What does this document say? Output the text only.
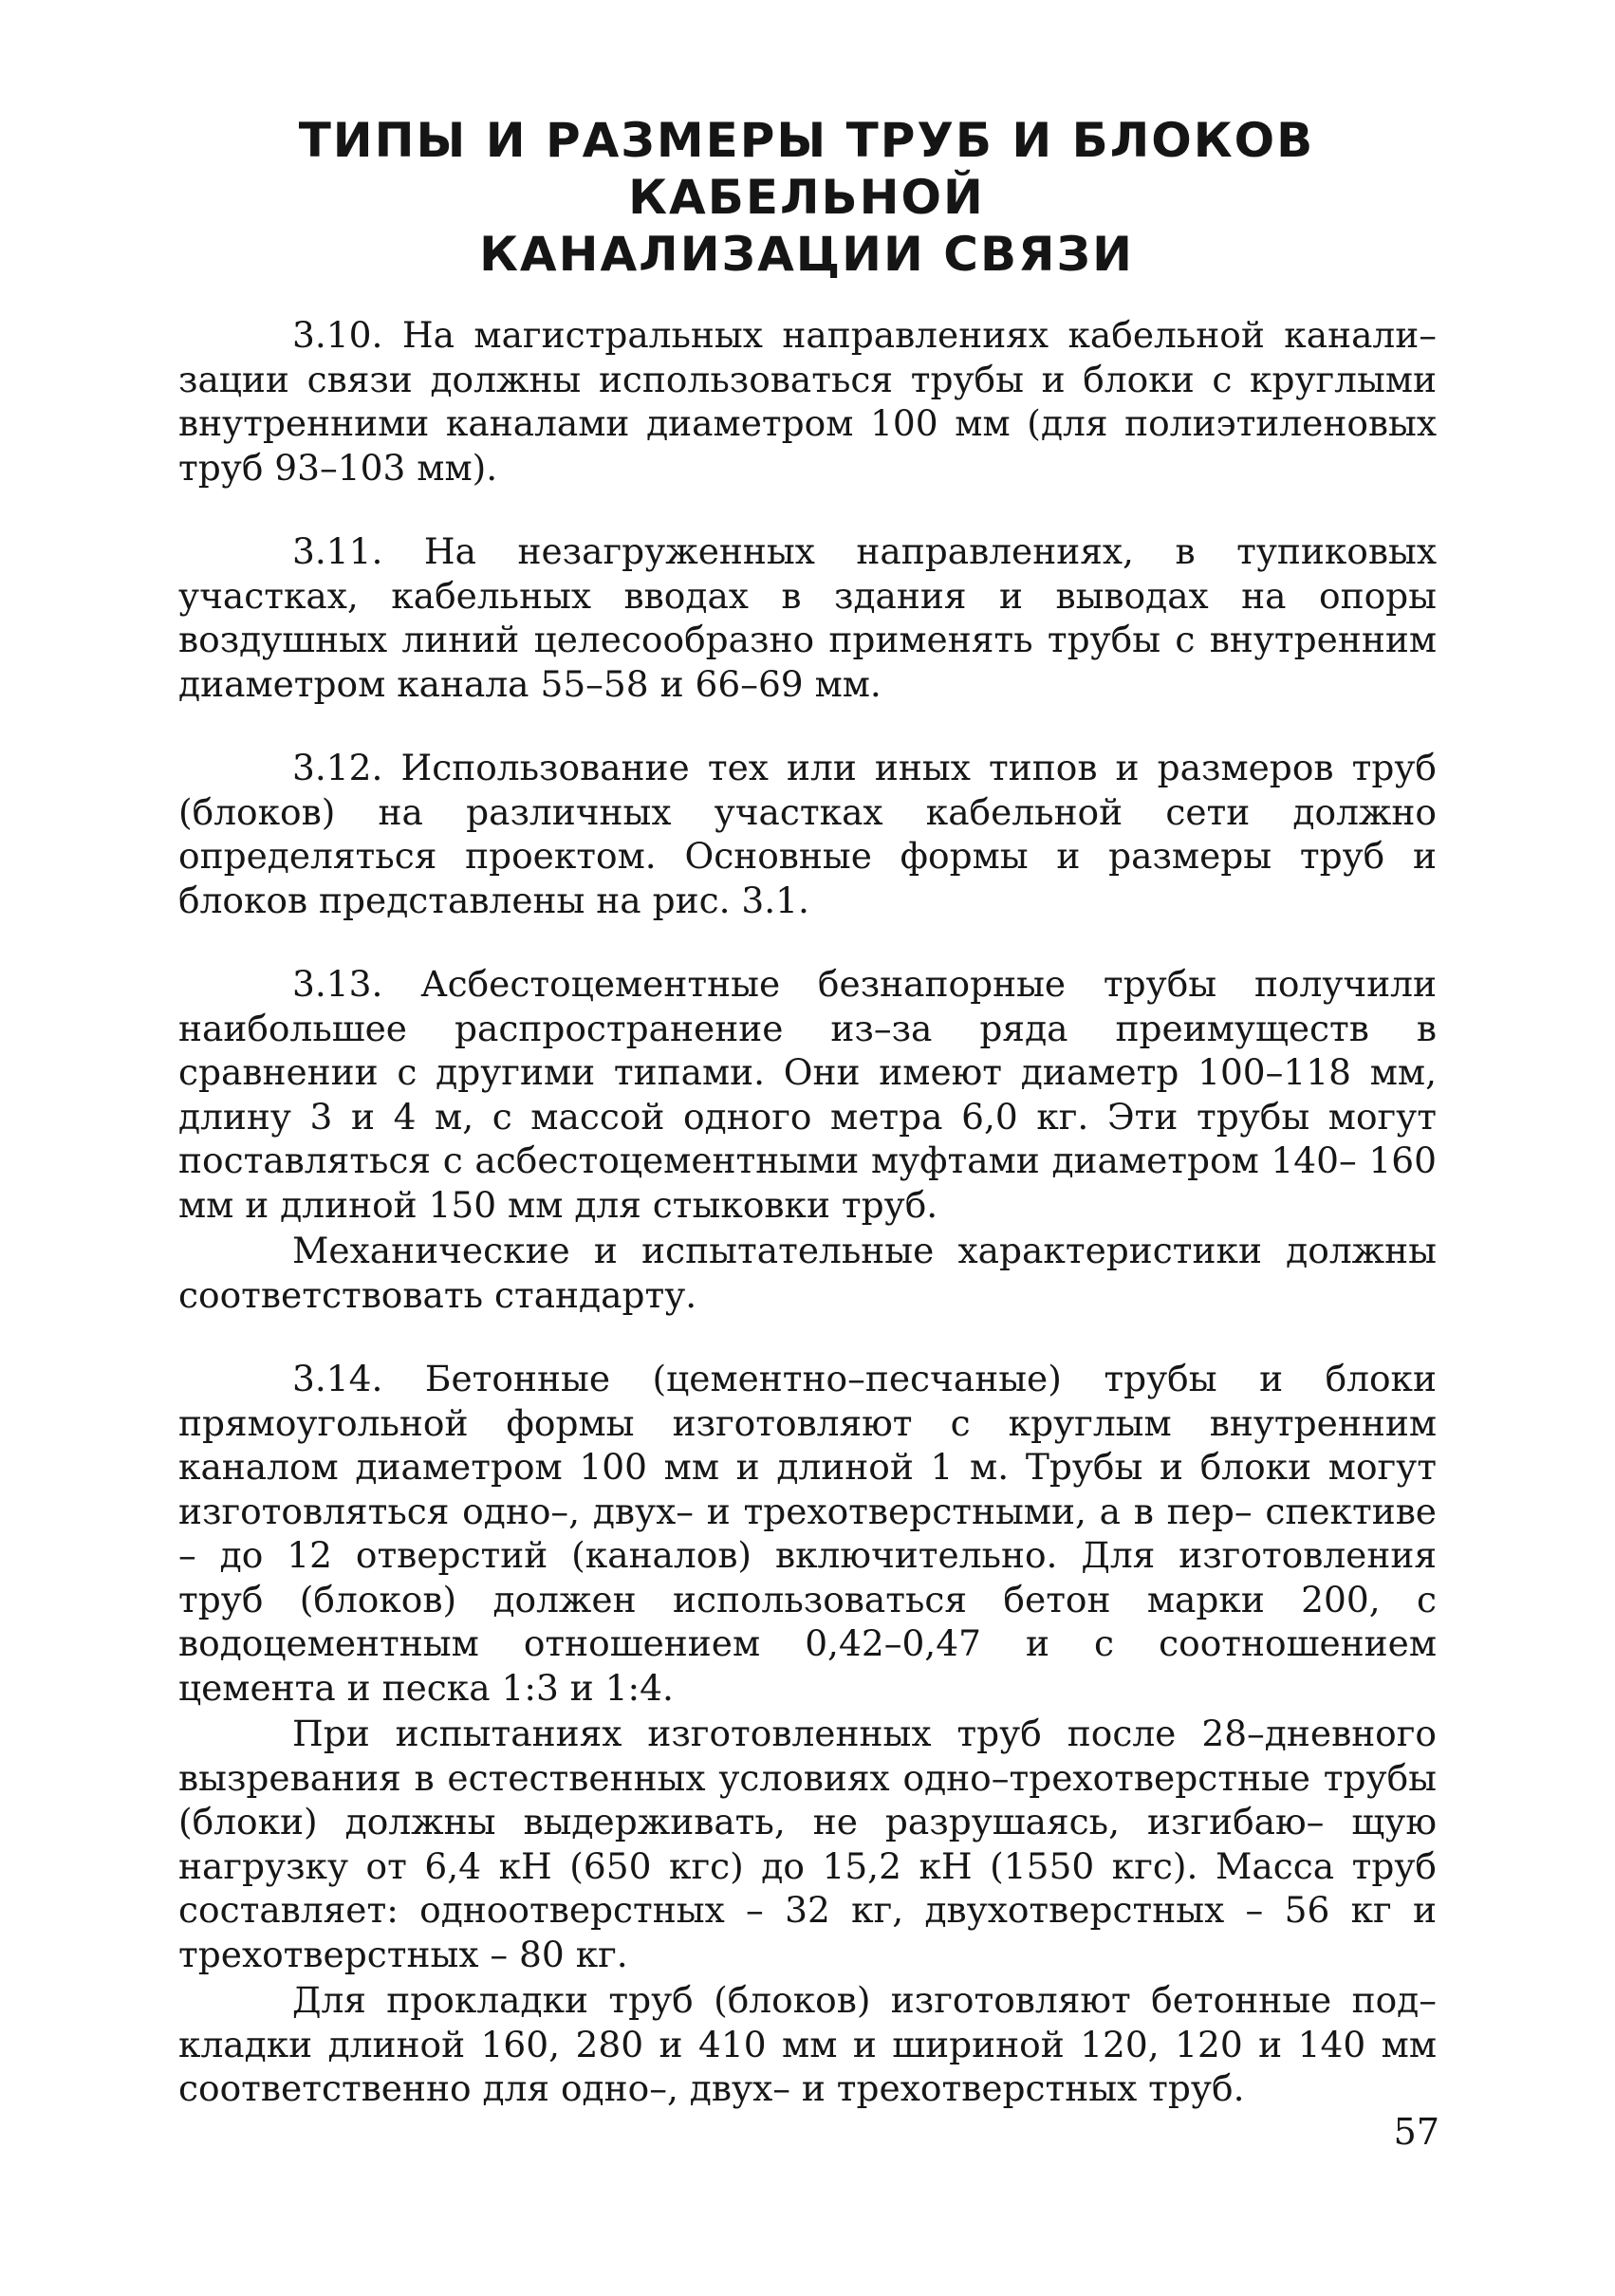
ТИПЫ И РАЗМЕРЫ ТРУБ И БЛОКОВ КАБЕЛЬНОЙ
КАНАЛИЗАЦИИ СВЯЗИ

3.10. На магистральных направлениях кабельной канали– зации связи должны использоваться трубы и блоки с круглыми внутренними каналами диаметром 100 мм (для полиэтиленовых труб 93–103 мм).

3.11. На незагруженных направлениях, в тупиковых участках, кабельных вводах в здания и выводах на опоры воздушных линий целесообразно применять трубы с внутренним диаметром канала 55–58 и 66–69 мм.

3.12. Использование тех или иных типов и размеров труб (блоков) на различных участках кабельной сети должно определяться проектом. Основные формы и размеры труб и блоков представлены на рис. 3.1.

3.13. Асбестоцементные безнапорные трубы получили наибольшее распространение из–за ряда преимуществ в сравнении с другими типами. Они имеют диаметр 100–118 мм, длину 3 и 4 м, с массой одного метра 6,0 кг. Эти трубы могут поставляться с асбестоцементными муфтами диаметром 140– 160 мм и длиной 150 мм для стыковки труб.

Механические и испытательные характеристики должны соответствовать стандарту.

3.14. Бетонные (цементно–песчаные) трубы и блоки прямоугольной формы изготовляют с круглым внутренним каналом диаметром 100 мм и длиной 1 м. Трубы и блоки могут изготовляться одно–, двух– и трехотверстными, а в пер– спективе – до 12 отверстий (каналов) включительно. Для изготовления труб (блоков) должен использоваться бетон марки 200, с водоцементным отношением 0,42–0,47 и с соотношением цемента и песка 1:3 и 1:4.

При испытаниях изготовленных труб после 28–дневного вызревания в естественных условиях одно–трехотверстные трубы (блоки) должны выдерживать, не разрушаясь, изгибаю– щую нагрузку от 6,4 кН (650 кгс) до 15,2 кН (1550 кгс). Масса труб составляет: одноотверстных – 32 кг, двухотверстных – 56 кг и трехотверстных – 80 кг.

Для прокладки труб (блоков) изготовляют бетонные под– кладки длиной 160, 280 и 410 мм и шириной 120, 120 и 140 мм соответственно для одно–, двух– и трехотверстных труб.

57
